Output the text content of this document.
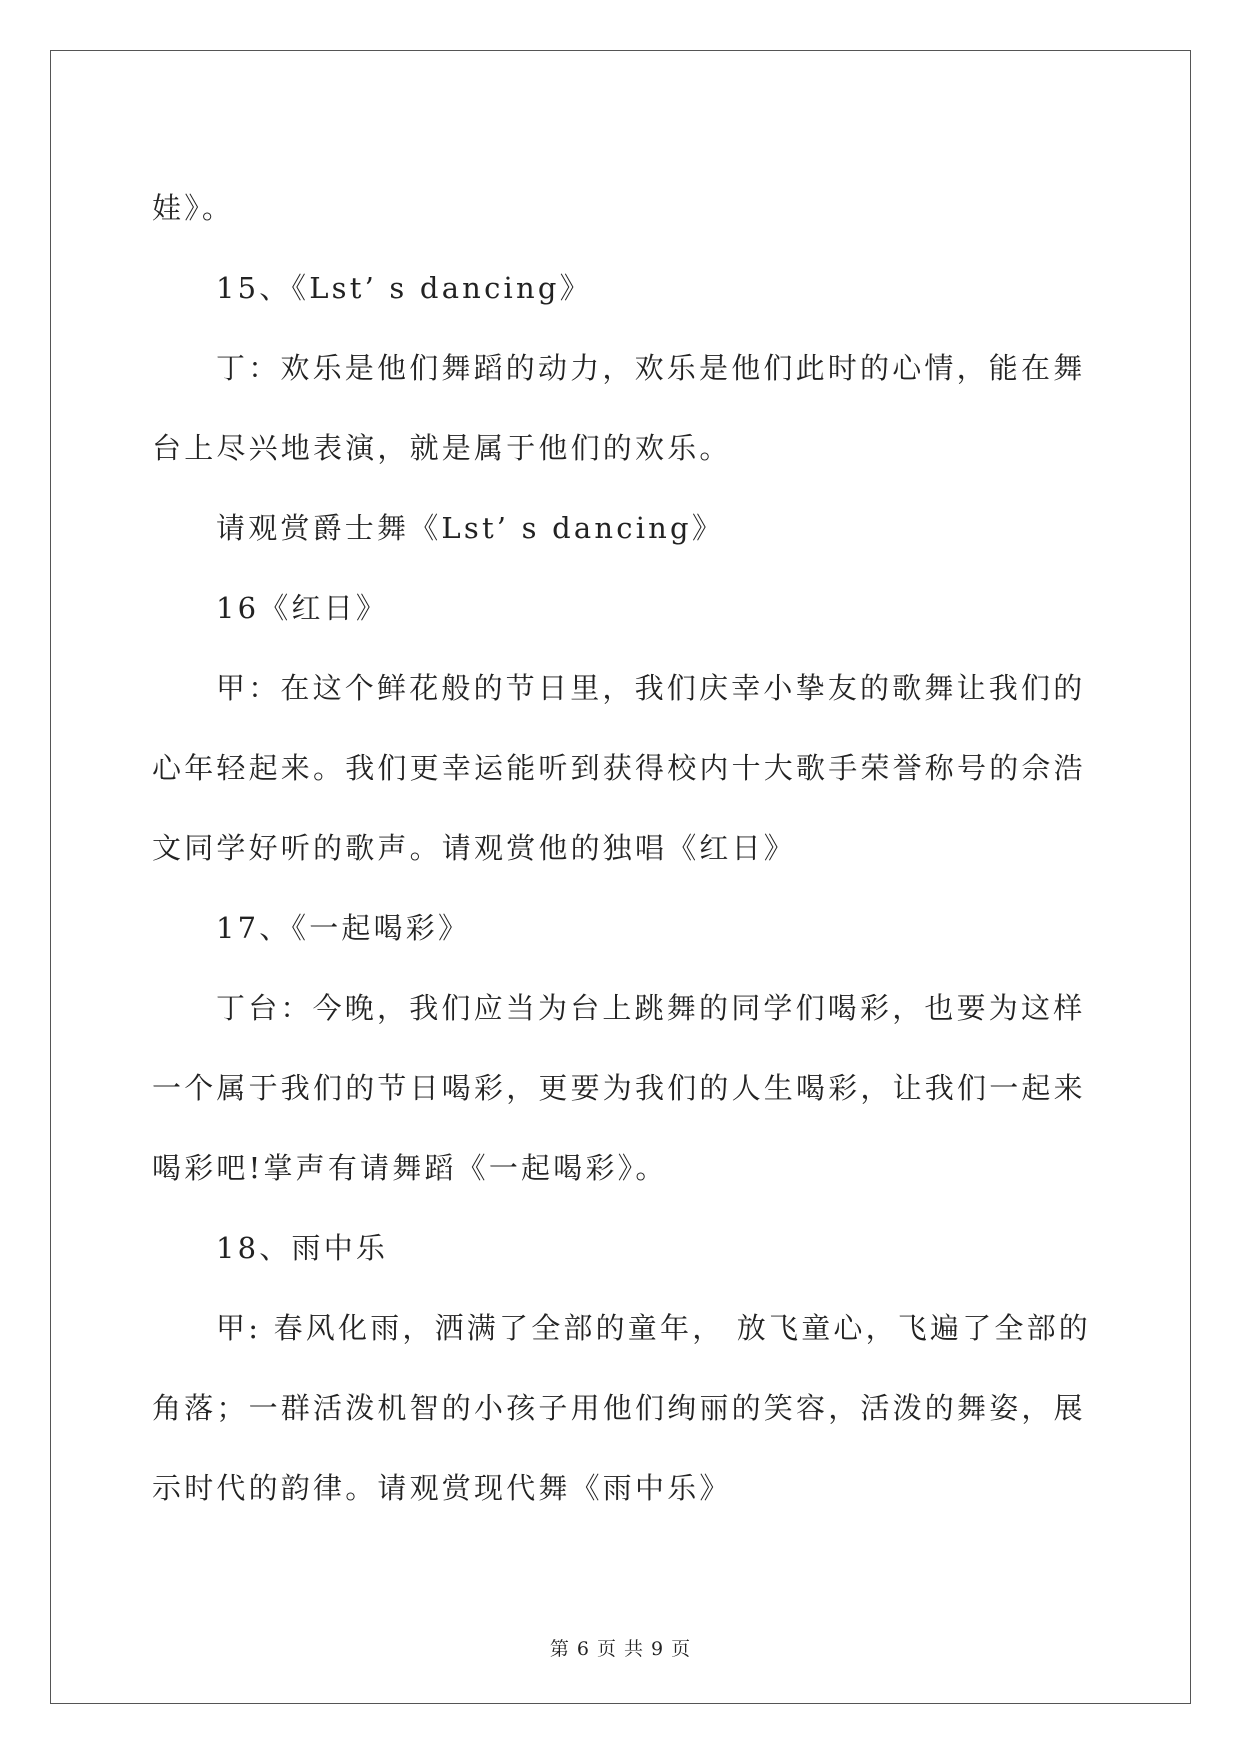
娃》。

15、《Lst’ s dancing》

丁：欢乐是他们舞蹈的动力，欢乐是他们此时的心情，能在舞台上尽兴地表演，就是属于他们的欢乐。

请观赏爵士舞《Lst’ s dancing》

16《红日》

甲：在这个鲜花般的节日里，我们庆幸小挚友的歌舞让我们的心年轻起来。我们更幸运能听到获得校内十大歌手荣誉称号的佘浩文同学好听的歌声。请观赏他的独唱《红日》

17、《一起喝彩》

丁台：今晚，我们应当为台上跳舞的同学们喝彩，也要为这样一个属于我们的节日喝彩，更要为我们的人生喝彩，让我们一起来喝彩吧!掌声有请舞蹈《一起喝彩》。

18、雨中乐

甲: 春风化雨，洒满了全部的童年， 放飞童心，飞遍了全部的角落；一群活泼机智的小孩子用他们绚丽的笑容，活泼的舞姿，展示时代的韵律。请观赏现代舞《雨中乐》

第 6 页 共 9 页
